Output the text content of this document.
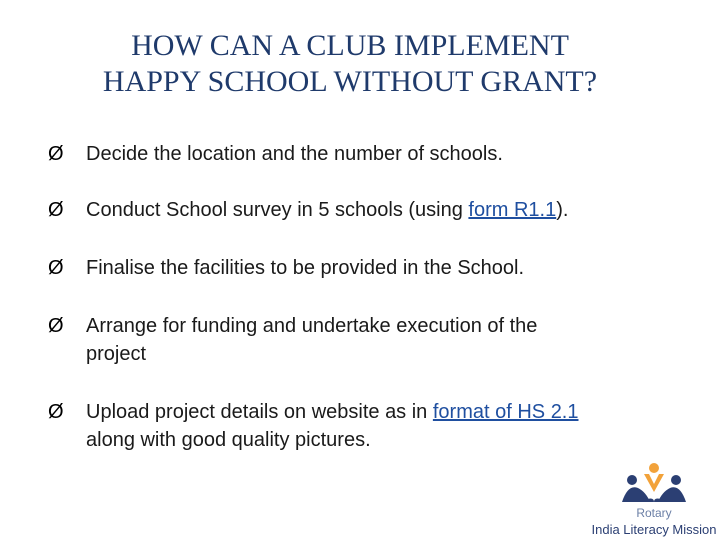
HOW CAN A CLUB IMPLEMENT
HAPPY SCHOOL WITHOUT GRANT?
Ø Decide the location and the number of schools.
Ø Conduct School survey in 5 schools (using form R1.1).
Ø Finalise the facilities to be provided in the School.
Ø Arrange for funding and undertake execution of the
project
Ø Upload project details on website as in format of HS 2.1
along with good quality pictures.
Rotary
India Literacy Mission
